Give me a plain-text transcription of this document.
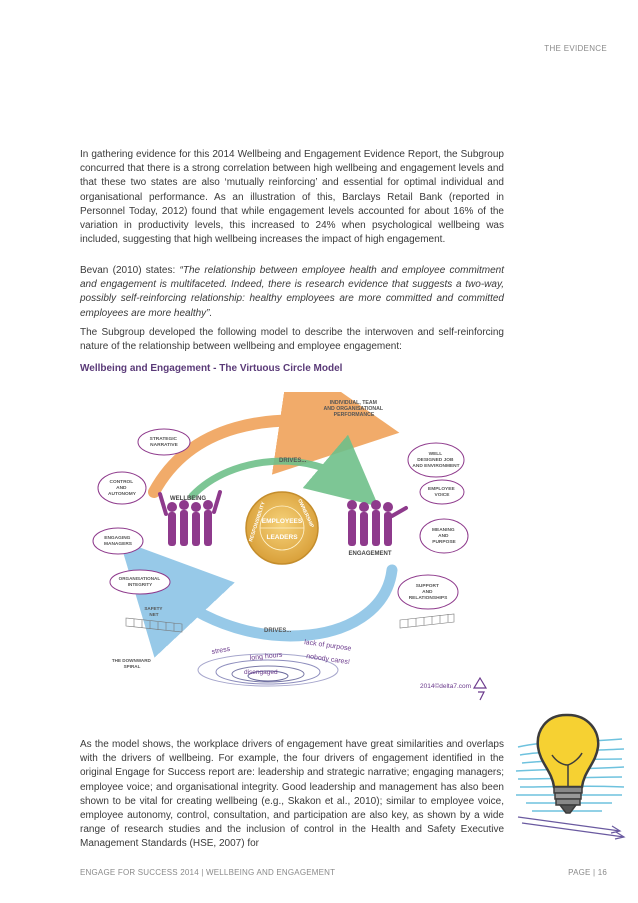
THE EVIDENCE

In gathering evidence for this 2014 Wellbeing and Engagement Evidence Report, the Subgroup concurred that there is a strong correlation between high wellbeing and engagement levels and that these two states are also ‘mutually reinforcing’ and essential for optimal individual and organisational performance. As an illustration of this, Barclays Retail Bank (reported in Personnel Today, 2012) found that while engagement levels accounted for about 16% of the variation in productivity levels, this increased to 24% when psychological wellbeing was included, suggesting that high wellbeing increases the impact of high engagement.

Bevan (2010) states: “The relationship between employee health and employee commitment and engagement is multifaceted. Indeed, there is research evidence that suggests a two-way, possibly self-reinforcing relationship: healthy employees are more committed and committed employees are more healthy”.

The Subgroup developed the following model to describe the interwoven and self-reinforcing nature of the relationship between wellbeing and employee engagement:

Wellbeing and Engagement - The Virtuous Circle Model
INDIVIDUAL, TEAM AND ORGANISATIONAL PERFORMANCE
DRIVES...
DRIVES...
STRATEGIC NARRATIVE
CONTROL AND AUTONOMY
ENGAGING MANAGERS
ORGANISATIONAL INTEGRITY
WELL DESIGNED JOB AND ENVIRONMENT
EMPLOYEE VOICE
MEANING AND PURPOSE
SUPPORT AND RELATIONSHIPS
WELLBEING
ENGAGEMENT
EMPLOYEES
LEADERS
RESPONSIBILITY	OWNERSHIP
SAFETY NET
THE DOWNWARD SPIRAL
stress
long hours
disengaged
lack of purpose
nobody cares!
2014©delta7.com

As the model shows, the workplace drivers of engagement have great similarities and overlaps with the drivers of wellbeing. For example, the four drivers of engagement identified in the original Engage for Success report are: leadership and strategic narrative; engaging managers; employee voice; and organisational integrity. Good leadership and management has also been shown to be vital for creating wellbeing (e.g., Skakon et al., 2010); similar to employee voice, employee autonomy, control, consultation, and participation are also key, as shown by a wide range of research studies and the inclusion of control in the Health and Safety Executive Management Standards (HSE, 2007) for

ENGAGE FOR SUCCESS 2014 | WELLBEING AND ENGAGEMENT	PAGE | 16
